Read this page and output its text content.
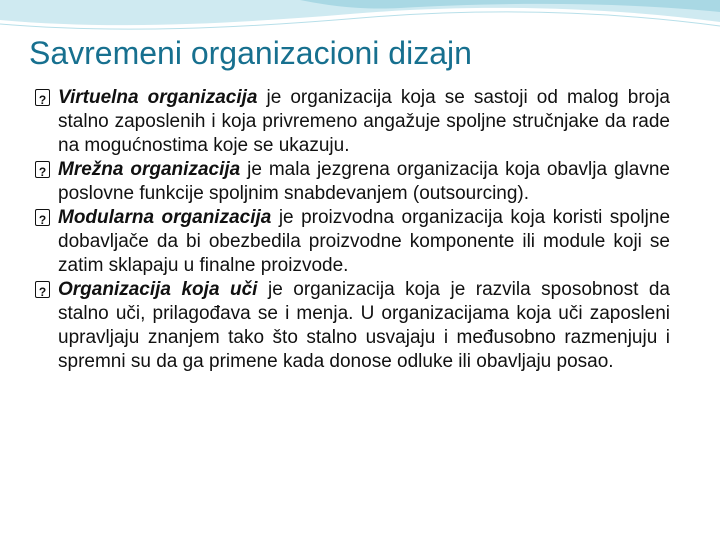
Savremeni organizacioni dizajn
?
Virtuelna organizacija je organizacija koja se sastoji od malog broja stalno zaposlenih i koja privremeno angažuje spoljne stručnjake da rade na mogućnostima koje se ukazuju.
?
Mrežna organizacija je mala jezgrena organizacija koja obavlja glavne poslovne funkcije spoljnim snabdevanjem (outsourcing).
?
Modularna organizacija je proizvodna organizacija koja koristi spoljne dobavljače da bi obezbedila proizvodne komponente ili module koji se zatim sklapaju u finalne proizvode.
?
Organizacija koja uči je organizacija koja je razvila sposobnost da stalno uči, prilagođava se i menja. U organizacijama koja uči zaposleni upravljaju znanjem tako što stalno usvajaju i međusobno razmenjuju i spremni su da ga primene kada donose odluke ili obavljaju posao.
